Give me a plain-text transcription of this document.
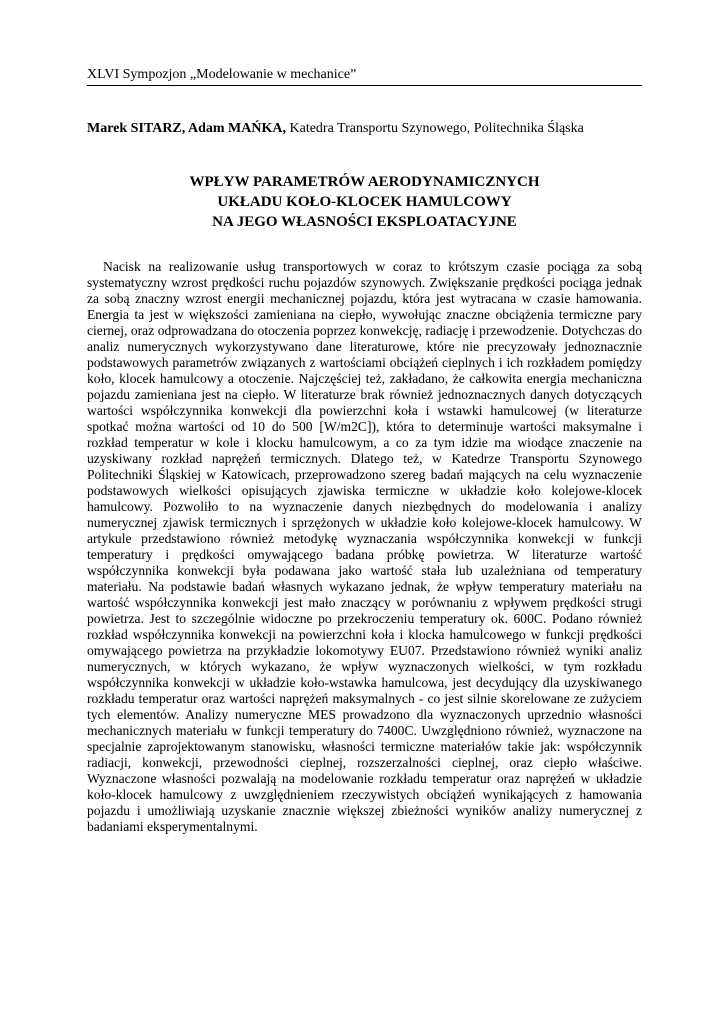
XLVI Sympozjon „Modelowanie w mechanice”
Marek SITARZ, Adam MAŃKA, Katedra Transportu Szynowego, Politechnika Śląska
WPŁYW PARAMETRÓW AERODYNAMICZNYCH
UKŁADU KOŁO-KLOCEK HAMULCOWY
NA JEGO WŁASNOŚCI EKSPLOATACYJNE

Nacisk na realizowanie usług transportowych w coraz to krótszym czasie pociąga za sobą systematyczny wzrost prędkości ruchu pojazdów szynowych. Zwiększanie prędkości pociąga jednak za sobą znaczny wzrost energii mechanicznej pojazdu, która jest wytracana w czasie hamowania. Energia ta jest w większości zamieniana na ciepło, wywołując znaczne obciążenia termiczne pary ciernej, oraz odprowadzana do otoczenia poprzez konwekcję, radiację i przewodzenie. Dotychczas do analiz numerycznych wykorzystywano dane literaturowe, które nie precyzowały jednoznacznie podstawowych parametrów związanych z wartościami obciążeń cieplnych i ich rozkładem pomiędzy koło, klocek hamulcowy a otoczenie. Najczęściej też, zakładano, że całkowita energia mechaniczna pojazdu zamieniana jest na ciepło. W literaturze brak również jednoznacznych danych dotyczących wartości współczynnika konwekcji dla powierzchni koła i wstawki hamulcowej (w literaturze spotkać można wartości od 10 do 500 [W/m2C]), która to determinuje wartości maksymalne i rozkład temperatur w kole i klocku hamulcowym, a co za tym idzie ma wiodące znaczenie na uzyskiwany rozkład naprężeń termicznych. Dlatego też, w Katedrze Transportu Szynowego Politechniki Śląskiej w Katowicach, przeprowadzono szereg badań mających na celu wyznaczenie podstawowych wielkości opisujących zjawiska termiczne w układzie koło kolejowe-klocek hamulcowy. Pozwoliło to na wyznaczenie danych niezbędnych do modelowania i analizy numerycznej zjawisk termicznych i sprzężonych w układzie koło kolejowe-klocek hamulcowy. W artykule przedstawiono również metodykę wyznaczania współczynnika konwekcji w funkcji temperatury i prędkości omywającego badana próbkę powietrza. W literaturze wartość współczynnika konwekcji była podawana jako wartość stała lub uzależniana od temperatury materiału. Na podstawie badań własnych wykazano jednak, że wpływ temperatury materiału na wartość współczynnika konwekcji jest mało znaczący w porównaniu z wpływem prędkości strugi powietrza. Jest to szczególnie widoczne po przekroczeniu temperatury ok. 600C. Podano również rozkład współczynnika konwekcji na powierzchni koła i klocka hamulcowego w funkcji prędkości omywającego powietrza na przykładzie lokomotywy EU07. Przedstawiono również wyniki analiz numerycznych, w których wykazano, że wpływ wyznaczonych wielkości, w tym rozkładu współczynnika konwekcji w układzie koło-wstawka hamulcowa, jest decydujący dla uzyskiwanego rozkładu temperatur oraz wartości naprężeń maksymalnych - co jest silnie skorelowane ze zużyciem tych elementów. Analizy numeryczne MES prowadzono dla wyznaczonych uprzednio własności mechanicznych materiału w funkcji temperatury do 7400C. Uwzględniono również, wyznaczone na specjalnie zaprojektowanym stanowisku, własności termiczne materiałów takie jak: współczynnik radiacji, konwekcji, przewodności cieplnej, rozszerzalności cieplnej, oraz ciepło właściwe. Wyznaczone własności pozwalają na modelowanie rozkładu temperatur oraz naprężeń w układzie koło-klocek hamulcowy z uwzględnieniem rzeczywistych obciążeń wynikających z hamowania pojazdu i umożliwiają uzyskanie znacznie większej zbieżności wyników analizy numerycznej z badaniami eksperymentalnymi.
